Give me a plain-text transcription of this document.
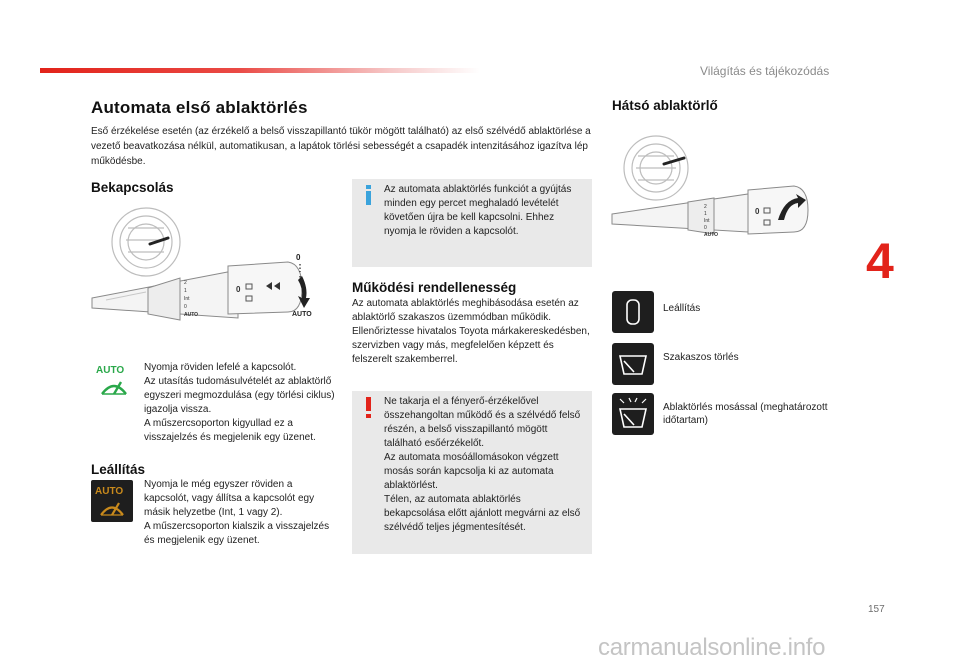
Világítás és tájékozódás
4
Automata első ablaktörlés
Eső érzékelése esetén (az érzékelő a belső visszapillantó tükör mögött található) az első szélvédő ablaktörlése a vezető beavatkozása nélkül, automatikusan, a lapátok törlési sebességét a csapadék intenzitásához igazítva lép működésbe.
Bekapcsolás
2
1
Int
0
AUTO
0
0
AUTO
AUTO Nyomja röviden lefelé a kapcsolót.
Az utasítás tudomásulvételét az ablaktörlő egyszeri megmozdulása (egy törlési ciklus) igazolja vissza.
A műszercsoporton kigyullad ez a visszajelzés és megjelenik egy üzenet.
Leállítás
AUTO
Nyomja le még egyszer röviden a kapcsolót, vagy állítsa a kapcsolót egy másik helyzetbe (Int, 1 vagy 2).
A műszercsoporton kialszik a visszajelzés és megjelenik egy üzenet.
Az automata ablaktörlés funkciót a gyújtás minden egy percet meghaladó levételét követően újra be kell kapcsolni. Ehhez nyomja le röviden a kapcsolót.
Működési rendellenesség
Az automata ablaktörlés meghibásodása esetén az ablaktörlő szakaszos üzemmódban működik.
Ellenőriztesse hivatalos Toyota márkakereskedésben, szervizben vagy más, megfelelően képzett és felszerelt szakemberrel.
Ne takarja el a fényerő-érzékelővel összehangoltan működő és a szélvédő felső részén, a belső visszapillantó mögött található esőérzékelőt.
Az automata mosóállomásokon végzett mosás során kapcsolja ki az automata ablaktörlést.
Télen, az automata ablaktörlés bekapcsolása előtt ajánlott megvárni az első szélvédő teljes jégmentesítését.
Hátsó ablaktörlő
2
1
Int
0
AUTO
0
Leállítás
Szakaszos törlés
Ablaktörlés mosással (meghatározott időtartam)
157
carmanualsonline.info
